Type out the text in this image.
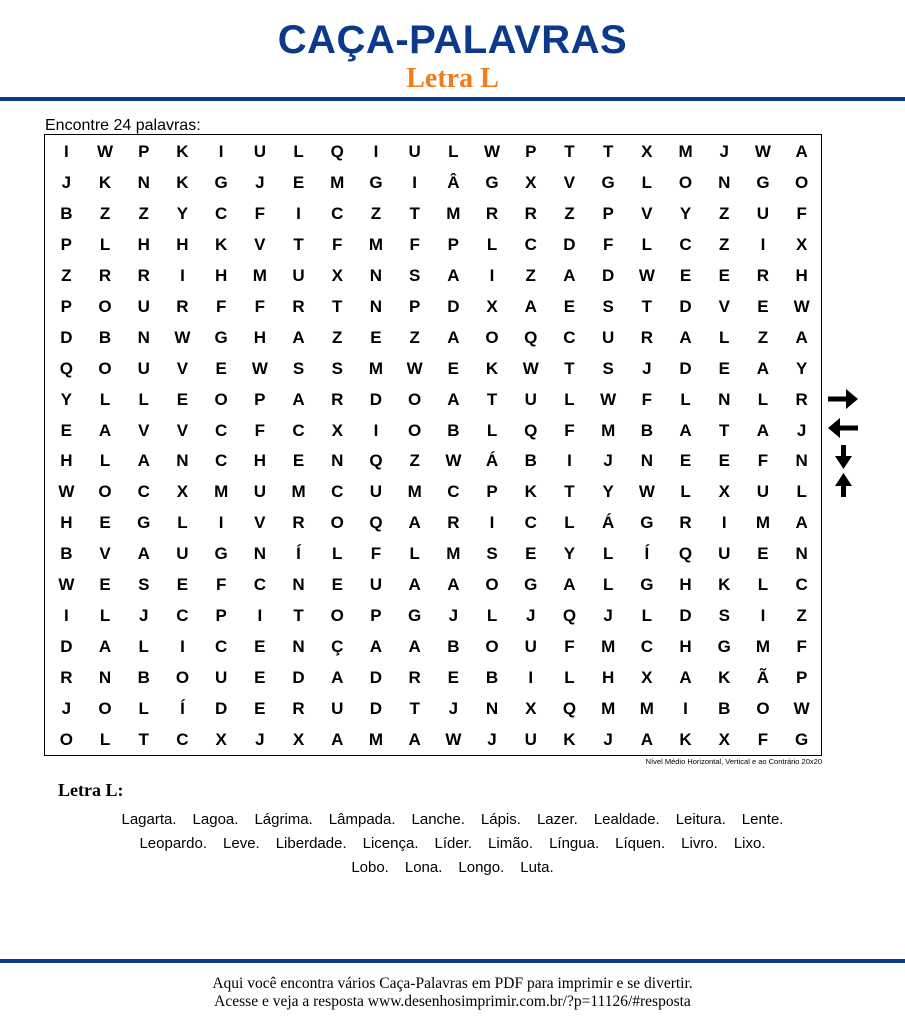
CAÇA-PALAVRAS
Letra L
Encontre 24 palavras:
I	W	P	K	I	U	L	Q	I	U	L	W	P	T	T	X	M	J	W	A
J	K	N	K	G	J	E	M	G	I	Â	G	X	V	G	L	O	N	G	O
B	Z	Z	Y	C	F	I	C	Z	T	M	R	R	Z	P	V	Y	Z	U	F
P	L	H	H	K	V	T	F	M	F	P	L	C	D	F	L	C	Z	I	X
Z	R	R	I	H	M	U	X	N	S	A	I	Z	A	D	W	E	E	R	H
P	O	U	R	F	F	R	T	N	P	D	X	A	E	S	T	D	V	E	W
D	B	N	W	G	H	A	Z	E	Z	A	O	Q	C	U	R	A	L	Z	A
Q	O	U	V	E	W	S	S	M	W	E	K	W	T	S	J	D	E	A	Y
Y	L	L	E	O	P	A	R	D	O	A	T	U	L	W	F	L	N	L	R
E	A	V	V	C	F	C	X	I	O	B	L	Q	F	M	B	A	T	A	J
H	L	A	N	C	H	E	N	Q	Z	W	Á	B	I	J	N	E	E	F	N
W	O	C	X	M	U	M	C	U	M	C	P	K	T	Y	W	L	X	U	L
H	E	G	L	I	V	R	O	Q	A	R	I	C	L	Á	G	R	I	M	A
B	V	A	U	G	N	Í	L	F	L	M	S	E	Y	L	Í	Q	U	E	N
W	E	S	E	F	C	N	E	U	A	A	O	G	A	L	G	H	K	L	C
I	L	J	C	P	I	T	O	P	G	J	L	J	Q	J	L	D	S	I	Z
D	A	L	I	C	E	N	Ç	A	A	B	O	U	F	M	C	H	G	M	F
R	N	B	O	U	E	D	A	D	R	E	B	I	L	H	X	A	K	Ã	P
J	O	L	Í	D	E	R	U	D	T	J	N	X	Q	M	M	I	B	O	W
O	L	T	C	X	J	X	A	M	A	W	J	U	K	J	A	K	X	F	G
Nível Médio Horizontal, Vertical e ao Contrário 20x20
Letra L:
Lagarta. Lagoa. Lágrima. Lâmpada. Lanche. Lápis. Lazer. Lealdade. Leitura. Lente.
Leopardo. Leve. Liberdade. Licença. Líder. Limão. Língua. Líquen. Livro. Lixo.
Lobo. Lona. Longo. Luta.
Aqui você encontra vários Caça-Palavras em PDF para imprimir e se divertir.
Acesse e veja a resposta www.desenhosimprimir.com.br/?p=11126/#resposta
